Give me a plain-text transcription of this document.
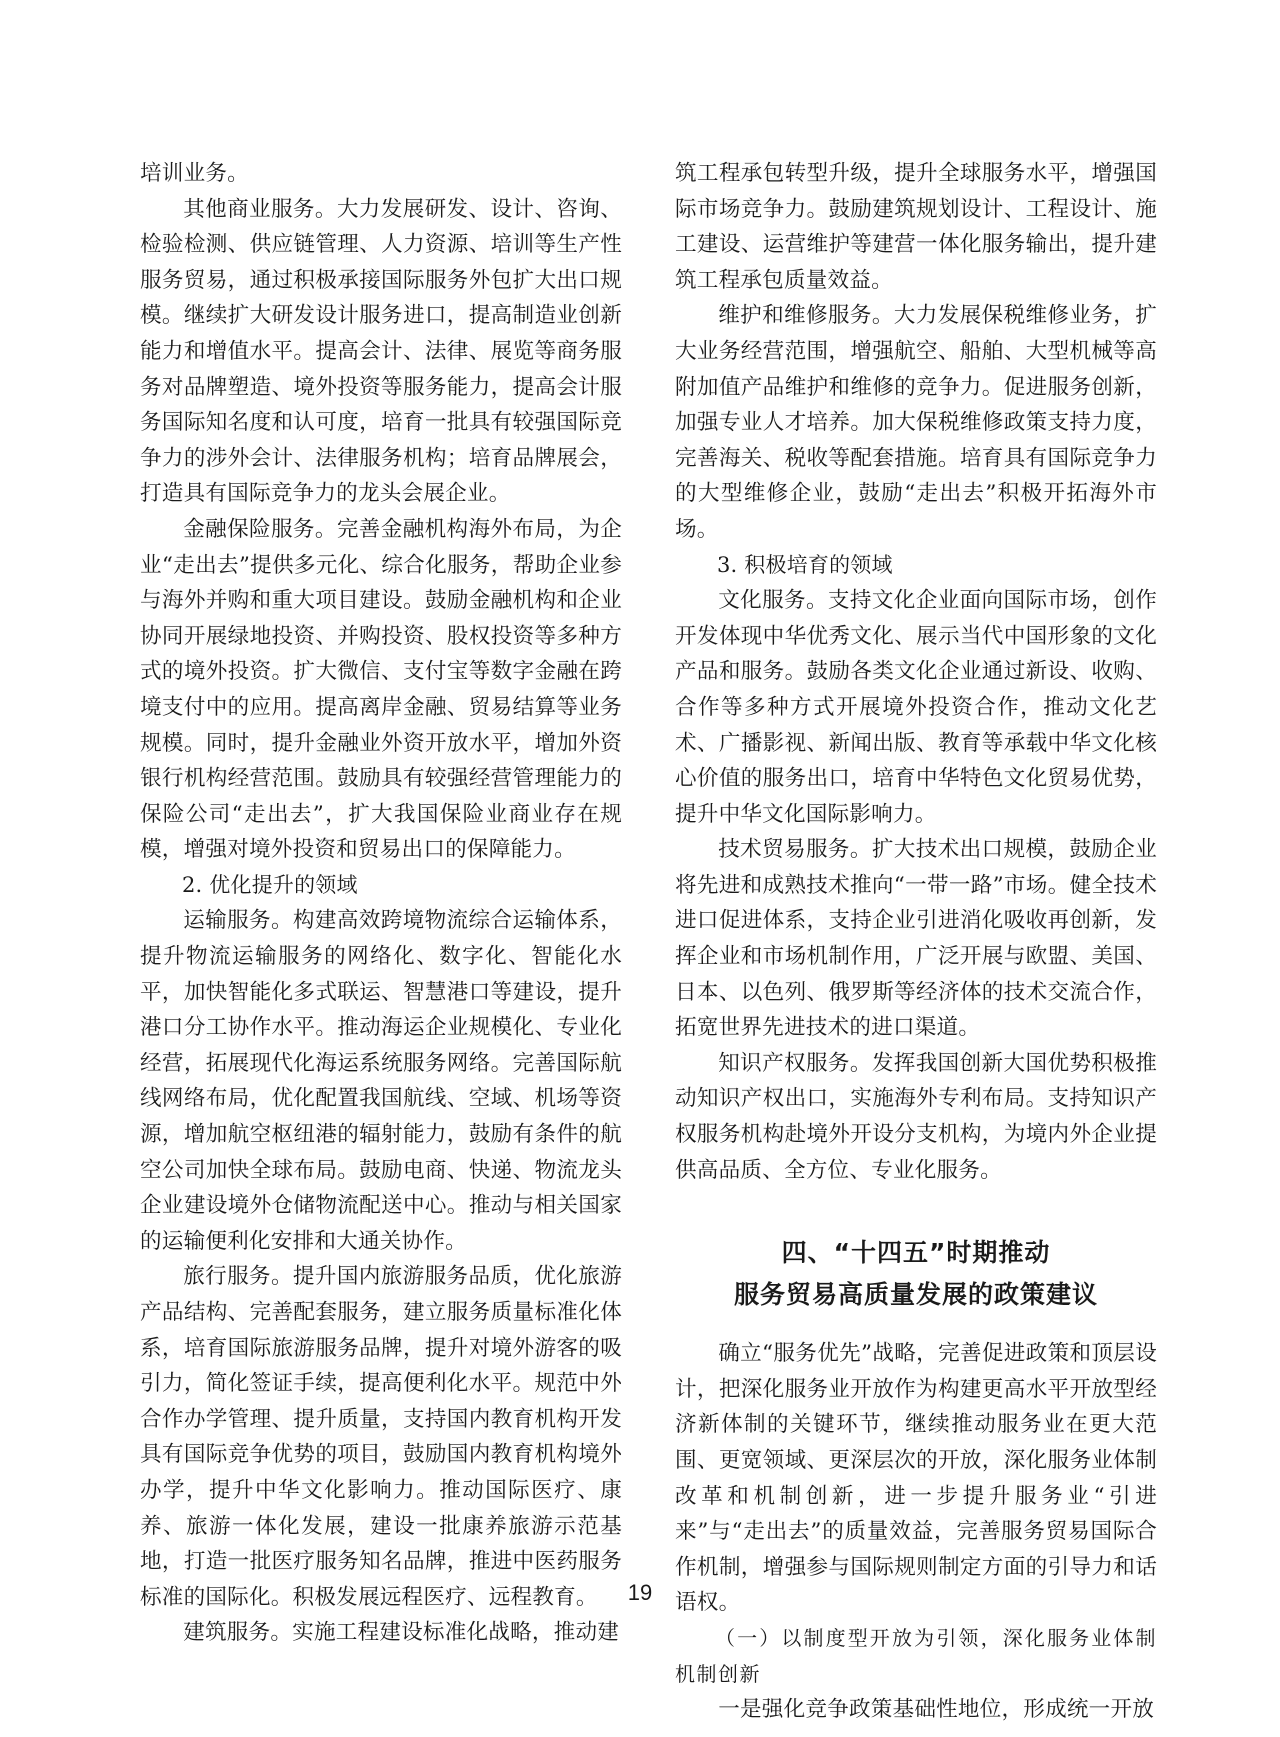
培训业务。

其他商业服务。大力发展研发、设计、咨询、检验检测、供应链管理、人力资源、培训等生产性服务贸易，通过积极承接国际服务外包扩大出口规模。继续扩大研发设计服务进口，提高制造业创新能力和增值水平。提高会计、法律、展览等商务服务对品牌塑造、境外投资等服务能力，提高会计服务国际知名度和认可度，培育一批具有较强国际竞争力的涉外会计、法律服务机构；培育品牌展会，打造具有国际竞争力的龙头会展企业。

金融保险服务。完善金融机构海外布局，为企业“走出去”提供多元化、综合化服务，帮助企业参与海外并购和重大项目建设。鼓励金融机构和企业协同开展绿地投资、并购投资、股权投资等多种方式的境外投资。扩大微信、支付宝等数字金融在跨境支付中的应用。提高离岸金融、贸易结算等业务规模。同时，提升金融业外资开放水平，增加外资银行机构经营范围。鼓励具有较强经营管理能力的保险公司“走出去”，扩大我国保险业商业存在规模，增强对境外投资和贸易出口的保障能力。

2. 优化提升的领域

运输服务。构建高效跨境物流综合运输体系，提升物流运输服务的网络化、数字化、智能化水平，加快智能化多式联运、智慧港口等建设，提升港口分工协作水平。推动海运企业规模化、专业化经营，拓展现代化海运系统服务网络。完善国际航线网络布局，优化配置我国航线、空域、机场等资源，增加航空枢纽港的辐射能力，鼓励有条件的航空公司加快全球布局。鼓励电商、快递、物流龙头企业建设境外仓储物流配送中心。推动与相关国家的运输便利化安排和大通关协作。

旅行服务。提升国内旅游服务品质，优化旅游产品结构、完善配套服务，建立服务质量标准化体系，培育国际旅游服务品牌，提升对境外游客的吸引力，简化签证手续，提高便利化水平。规范中外合作办学管理、提升质量，支持国内教育机构开发具有国际竞争优势的项目，鼓励国内教育机构境外办学，提升中华文化影响力。推动国际医疗、康养、旅游一体化发展，建设一批康养旅游示范基地，打造一批医疗服务知名品牌，推进中医药服务标准的国际化。积极发展远程医疗、远程教育。

建筑服务。实施工程建设标准化战略，推动建

筑工程承包转型升级，提升全球服务水平，增强国际市场竞争力。鼓励建筑规划设计、工程设计、施工建设、运营维护等建营一体化服务输出，提升建筑工程承包质量效益。

维护和维修服务。大力发展保税维修业务，扩大业务经营范围，增强航空、船舶、大型机械等高附加值产品维护和维修的竞争力。促进服务创新，加强专业人才培养。加大保税维修政策支持力度，完善海关、税收等配套措施。培育具有国际竞争力的大型维修企业，鼓励“走出去”积极开拓海外市场。

3. 积极培育的领域

文化服务。支持文化企业面向国际市场，创作开发体现中华优秀文化、展示当代中国形象的文化产品和服务。鼓励各类文化企业通过新设、收购、合作等多种方式开展境外投资合作，推动文化艺术、广播影视、新闻出版、教育等承载中华文化核心价值的服务出口，培育中华特色文化贸易优势，提升中华文化国际影响力。

技术贸易服务。扩大技术出口规模，鼓励企业将先进和成熟技术推向“一带一路”市场。健全技术进口促进体系，支持企业引进消化吸收再创新，发挥企业和市场机制作用，广泛开展与欧盟、美国、日本、以色列、俄罗斯等经济体的技术交流合作，拓宽世界先进技术的进口渠道。

知识产权服务。发挥我国创新大国优势积极推动知识产权出口，实施海外专利布局。支持知识产权服务机构赴境外开设分支机构，为境内外企业提供高品质、全方位、专业化服务。

四、“十四五”时期推动
服务贸易高质量发展的政策建议

确立“服务优先”战略，完善促进政策和顶层设计，把深化服务业开放作为构建更高水平开放型经济新体制的关键环节，继续推动服务业在更大范围、更宽领域、更深层次的开放，深化服务业体制改革和机制创新，进一步提升服务业“引进来”与“走出去”的质量效益，完善服务贸易国际合作机制，增强参与国际规则制定方面的引导力和话语权。

（一）以制度型开放为引领，深化服务业体制机制创新

一是强化竞争政策基础性地位，形成统一开放

19
